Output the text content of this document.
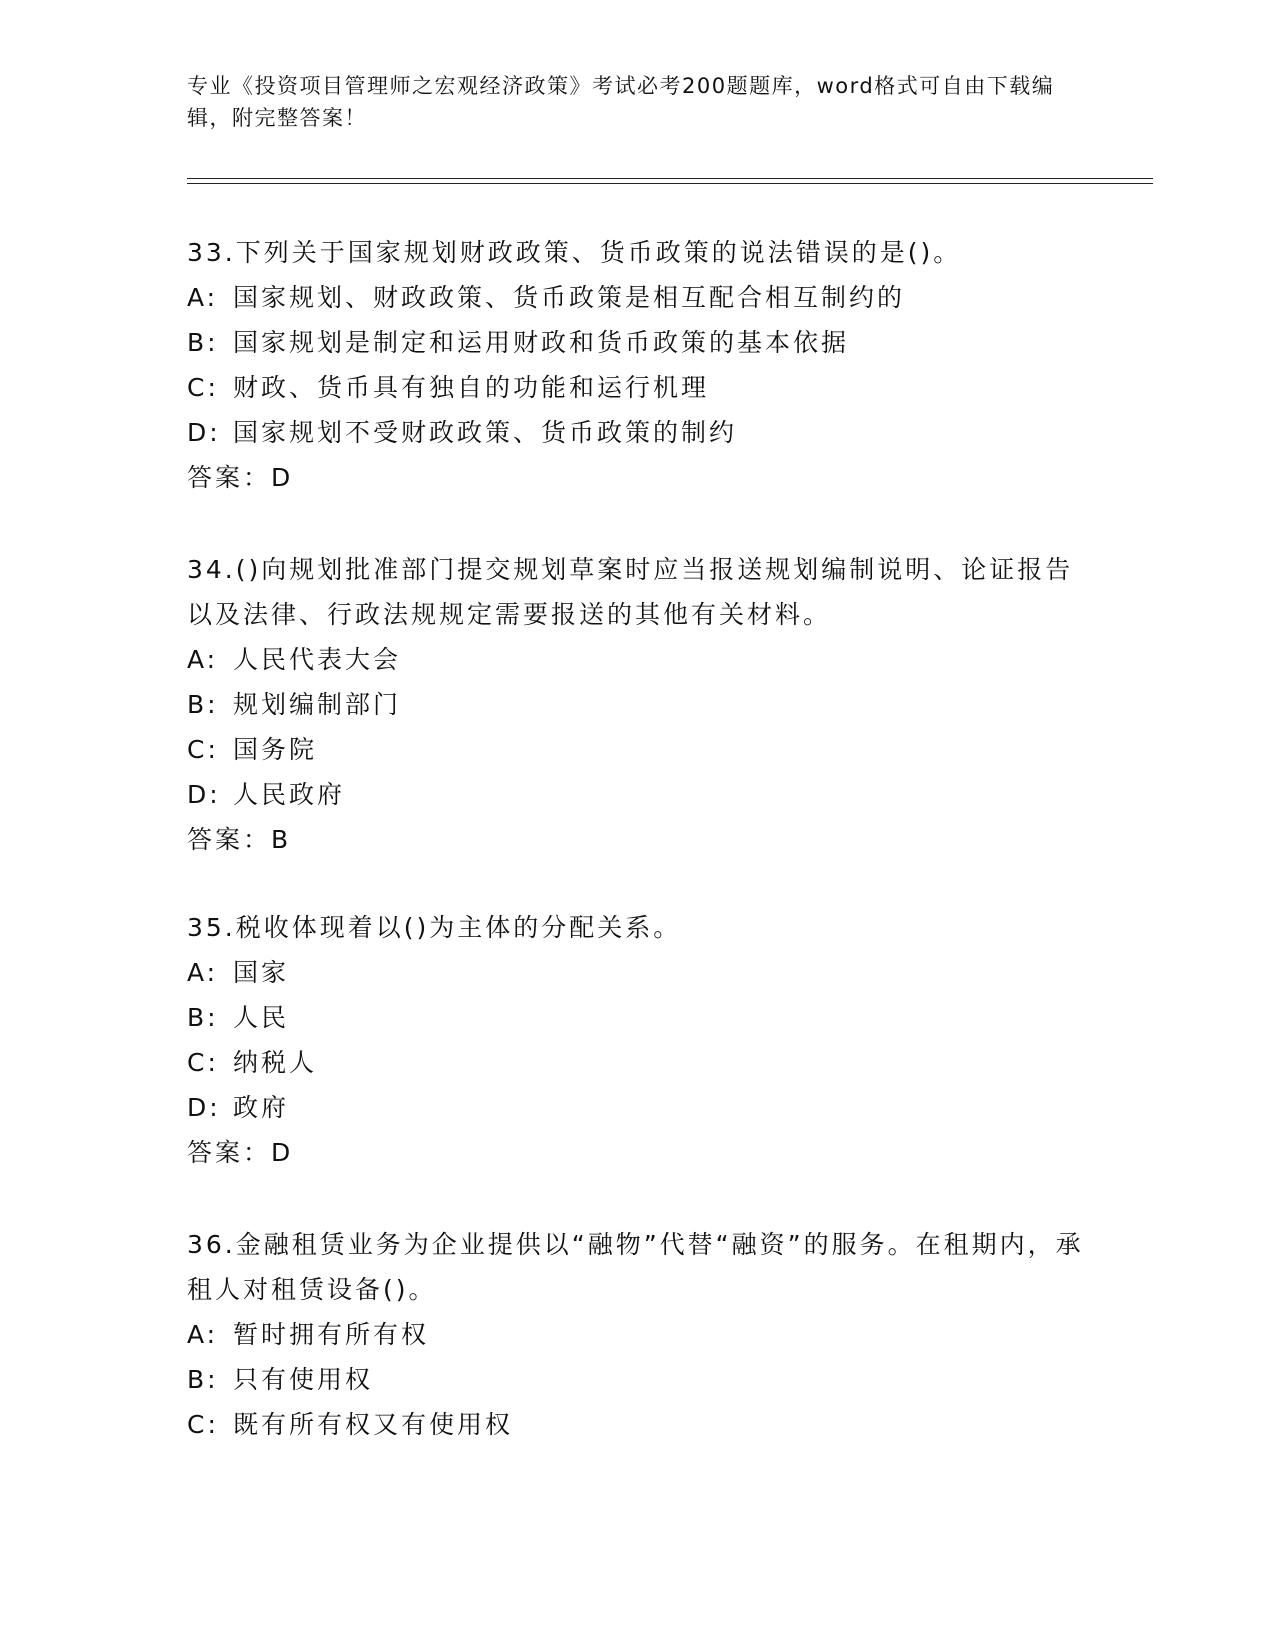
专业《投资项目管理师之宏观经济政策》考试必考200题题库，word格式可自由下载编辑，附完整答案！

33.下列关于国家规划财政政策、货币政策的说法错误的是()。

A: 国家规划、财政政策、货币政策是相互配合相互制约的
B: 国家规划是制定和运用财政和货币政策的基本依据
C: 财政、货币具有独自的功能和运行机理
D: 国家规划不受财政政策、货币政策的制约
答案：D

34.()向规划批准部门提交规划草案时应当报送规划编制说明、论证报告以及法律、行政法规规定需要报送的其他有关材料。

A: 人民代表大会
B: 规划编制部门
C: 国务院
D: 人民政府
答案：B

35.税收体现着以()为主体的分配关系。

A: 国家
B: 人民
C: 纳税人
D: 政府
答案：D

36.金融租赁业务为企业提供以“融物”代替“融资”的服务。在租期内，承租人对租赁设备()。

A: 暂时拥有所有权
B: 只有使用权
C: 既有所有权又有使用权
